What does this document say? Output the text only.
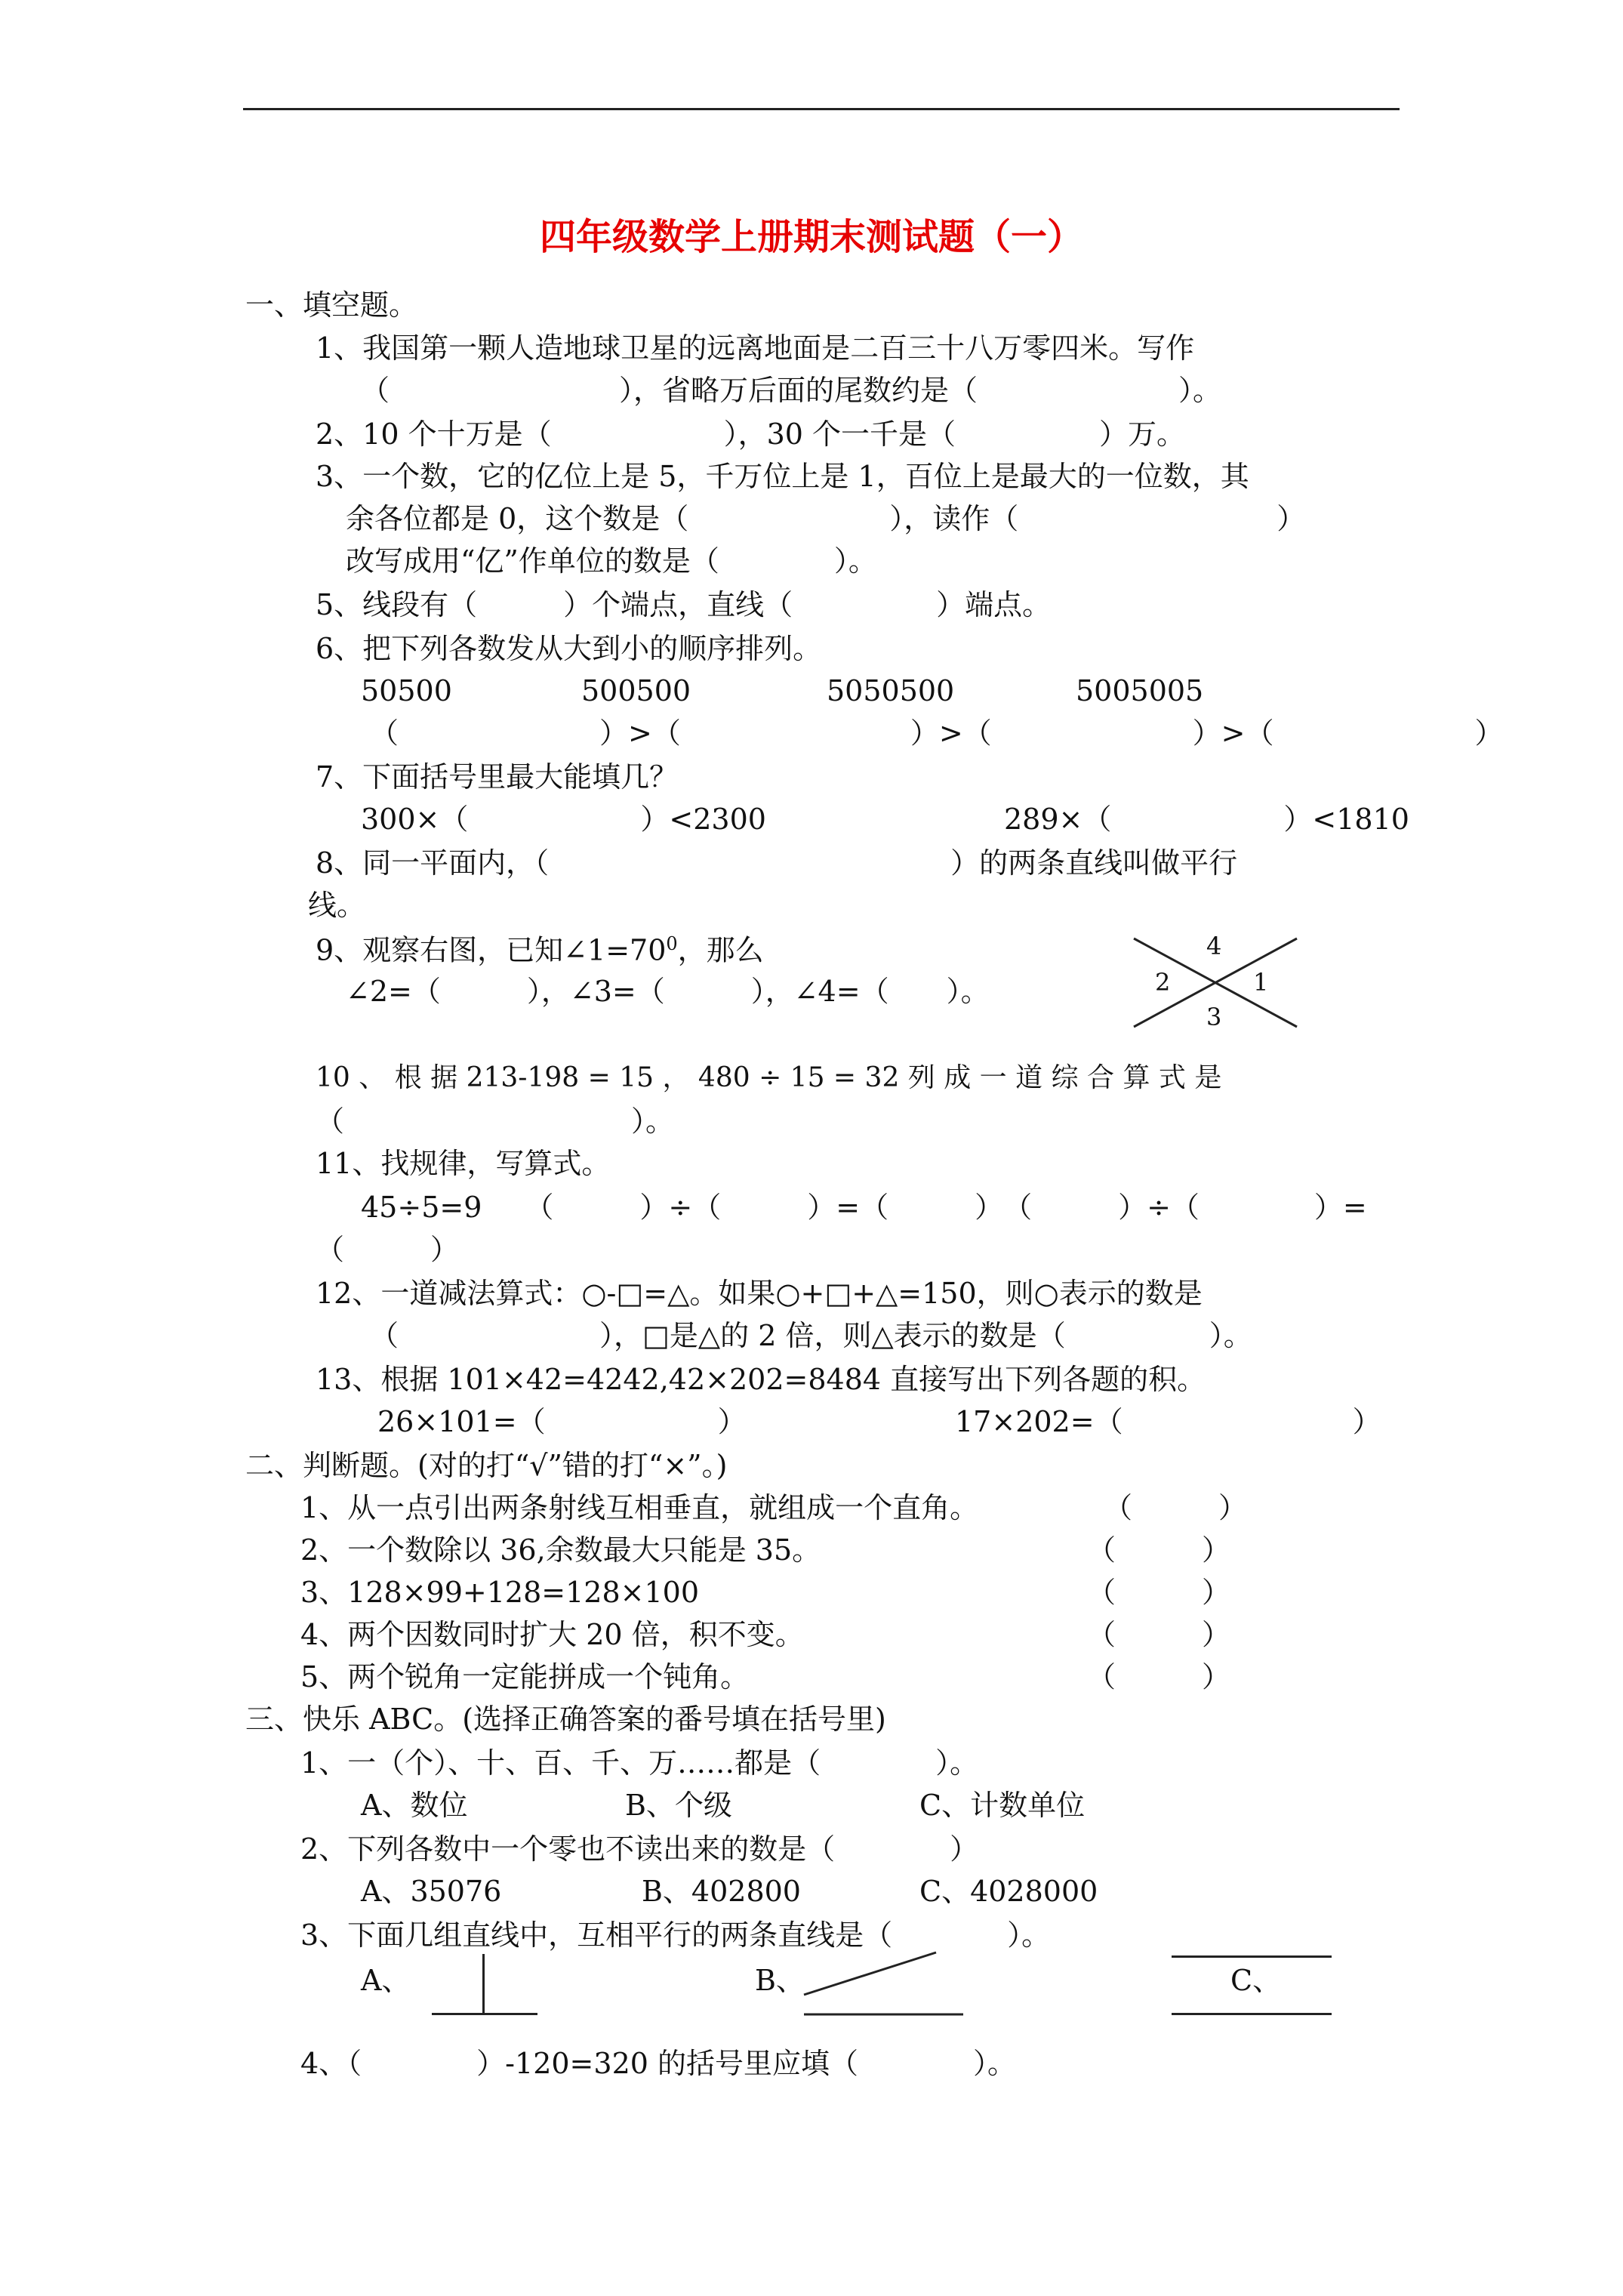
四年级数学上册期末测试题（一）
一、填空题。
1、我国第一颗人造地球卫星的远离地面是二百三十八万零四米。写作
（　　　　　　　　），省略万后面的尾数约是（　　　　　　　）。
2、10 个十万是（　　　　　　），30 个一千是（　　　　　）万。
3、一个数，它的亿位上是 5，千万位上是 1，百位上是最大的一位数，其
余各位都是 0，这个数是（　　　　　　　），读作（　　　　　　　　　）
改写成用“亿”作单位的数是（　　　　）。
5、线段有（　　　）个端点，直线（　　　　　）端点。
6、把下列各数发从大到小的顺序排列。
50500	500500	5050500	5005005
（　　　　　　　）>（　　　　　　　　）>（　　　　　　　）>（　　　　　　　）
7、下面括号里最大能填几？
300×（　　　　　　）<2300	289×（　　　　　　）<1810
8、同一平面内，（　　　　　　　　　　　　　　）的两条直线叫做平行
线。
9、观察右图，已知$\angle 1=70^0$，那么
∠2=（　　　），∠3=（　　　），∠4=（　　）。
4
2	1
3
10 、 根 据 213-198 = 15 ， 480 ÷ 15 = 32 列 成 一 道 综 合 算 式 是
（　　　　　　　　　　）。
11、找规律，写算式。
45÷5=9　　（　　　）÷（　　　）=（　　　）　（　　　）÷（　　　　）=
（　　　）
12、一道减法算式：○-□=△。如果○+□+△=150，则○表示的数是
（　　　　　　　），□是△的 2 倍，则△表示的数是（　　　　　）。
13、根据 101×42=4242,42×202=8484 直接写出下列各题的积。
26×101=（　　　　　　）	17×202=（　　　　　　　　）
二、判断题。(对的打“√”错的打“×”。)
1、从一点引出两条射线互相垂直，就组成一个直角。	（　　　）
2、一个数除以 36,余数最大只能是 35。	（　　　）
3、128×99+128=128×100	（　　　）
4、两个因数同时扩大 20 倍，积不变。	（　　　）
5、两个锐角一定能拼成一个钝角。	（　　　）
三、快乐 ABC。(选择正确答案的番号填在括号里)
1、一（个）、十、百、千、万……都是（　　　　）。
A、数位	B、个级	C、计数单位
2、下列各数中一个零也不读出来的数是（　　　　）
A、35076	B、402800	C、4028000
3、下面几组直线中，互相平行的两条直线是（　　　　）。
A、	B、	C、
4、（　　　　）-120=320 的括号里应填（　　　　）。
